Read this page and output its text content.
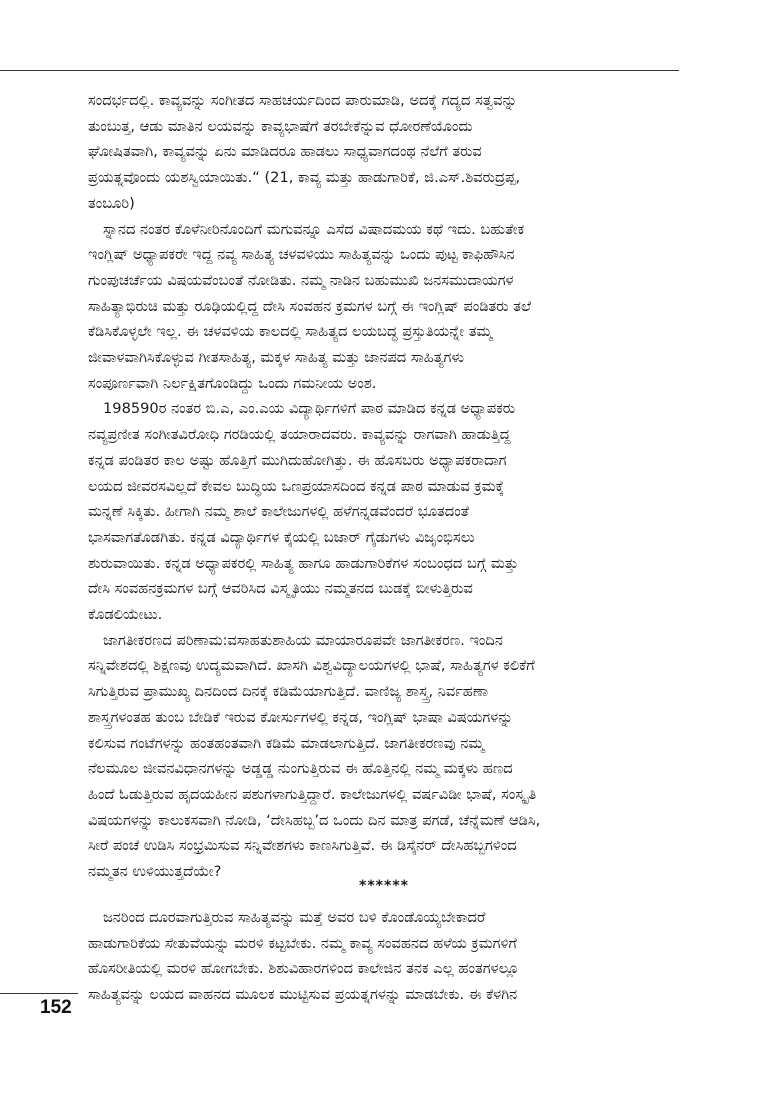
ಸಂದರ್ಭದಲ್ಲಿ. ಕಾವ್ಯವನ್ನು ಸಂಗೀತದ ಸಾಹಚರ್ಯದಿಂದ ಪಾರುಮಾಡಿ, ಅದಕ್ಕೆ ಗದ್ಯದ ಸತ್ವವನ್ನು
ತುಂಬುತ್ತ, ಆಡು ಮಾತಿನ ಲಯವನ್ನು ಕಾವ್ಯಭಾಷೆಗೆ ತರಬೇಕೆನ್ನುವ ಧೋರಣೆಯೊಂದು
ಘೋಷಿತವಾಗಿ, ಕಾವ್ಯವನ್ನು ಏನು ಮಾಡಿದರೂ ಹಾಡಲು ಸಾಧ್ಯವಾಗದಂಥ ನೆಲೆಗೆ ತರುವ
ಪ್ರಯತ್ನವೊಂದು ಯಶಸ್ವಿಯಾಯಿತು.“ (21, ಕಾವ್ಯ ಮತ್ತು ಹಾಡುಗಾರಿಕೆ, ಜಿ.ಎಸ್.ಶಿವರುದ್ರಪ್ಪ,
ತಂಬೂರಿ)

ಸ್ನಾನದ ನಂತರ ಕೊಳೆನೀರಿನೊಂದಿಗೆ ಮಗುವನ್ನೂ ಎಸೆದ ವಿಷಾದಮಯ ಕಥೆ ಇದು. ಬಹುತೇಕ
ಇಂಗ್ಲಿಷ್ ಅಧ್ಯಾಪಕರೇ ಇದ್ದ ನವ್ಯ ಸಾಹಿತ್ಯ ಚಳವಳಿಯು ಸಾಹಿತ್ಯವನ್ನು ಒಂದು ಪುಟ್ಟ ಕಾಫಿಹೌಸಿನ
ಗುಂಪುಚರ್ಚೆಯ ವಿಷಯವೆಂಬಂತೆ ನೋಡಿತು. ನಮ್ಮ ನಾಡಿನ ಬಹುಮುಖಿ ಜನಸಮುದಾಯಗಳ
ಸಾಹಿತ್ಯಾಭಿರುಚಿ ಮತ್ತು ರೂಢಿಯಲ್ಲಿದ್ದ ದೇಸಿ ಸಂವಹನ ಕ್ರಮಗಳ ಬಗ್ಗೆ ಈ ಇಂಗ್ಲಿಷ್ ಪಂಡಿತರು ತಲೆ
ಕೆಡಿಸಿಕೊಳ್ಳಲೇ ಇಲ್ಲ. ಈ ಚಳವಳಿಯ ಕಾಲದಲ್ಲಿ ಸಾಹಿತ್ಯದ ಲಯಬದ್ಧ ಪ್ರಸ್ತುತಿಯನ್ನೇ ತಮ್ಮ
ಜೀವಾಳವಾಗಿಸಿಕೊಳ್ಳುವ ಗೀತಸಾಹಿತ್ಯ, ಮಕ್ಕಳ ಸಾಹಿತ್ಯ ಮತ್ತು ಜಾನಪದ ಸಾಹಿತ್ಯಗಳು
ಸಂಪೂರ್ಣವಾಗಿ ನಿರ್ಲಕ್ಷಿತಗೊಂಡಿದ್ದು ಒಂದು ಗಮನೀಯ ಅಂಶ.

198590ರ ನಂತರ ಬಿ.ಎ, ಎಂ.ಎಯ ವಿದ್ಯಾರ್ಥಿಗಳಿಗೆ ಪಾಠ ಮಾಡಿದ ಕನ್ನಡ ಅಧ್ಯಾಪಕರು
ನವ್ಯಪ್ರಣೀತ ಸಂಗೀತವಿರೋಧಿ ಗರಡಿಯಲ್ಲಿ ತಯಾರಾದವರು. ಕಾವ್ಯವನ್ನು ರಾಗವಾಗಿ ಹಾಡುತ್ತಿದ್ದ
ಕನ್ನಡ ಪಂಡಿತರ ಕಾಲ ಅಷ್ಟು ಹೊತ್ತಿಗೆ ಮುಗಿದುಹೋಗಿತ್ತು. ಈ ಹೊಸಬರು ಅಧ್ಯಾಪಕರಾದಾಗ
ಲಯದ ಜೀವರಸವಿಲ್ಲದೆ ಕೇವಲ ಬುದ್ಧಿಯ ಒಣಪ್ರಯಾಸದಿಂದ ಕನ್ನಡ ಪಾಠ ಮಾಡುವ ಕ್ರಮಕ್ಕೆ
ಮನ್ನಣೆ ಸಿಕ್ಕಿತು. ಹೀಗಾಗಿ ನಮ್ಮ ಶಾಲೆ ಕಾಲೇಜುಗಳಲ್ಲಿ ಹಳೆಗನ್ನಡವೆಂದರೆ ಭೂತದಂತೆ
ಭಾಸವಾಗತೊಡಗಿತು. ಕನ್ನಡ ವಿದ್ಯಾರ್ಥಿಗಳ ಕೈಯಲ್ಲಿ ಬಜಾರ್ ಗೈಡುಗಳು ವಿಜೃಂಭಿಸಲು
ಶುರುವಾಯಿತು. ಕನ್ನಡ ಅಧ್ಯಾಪಕರಲ್ಲಿ ಸಾಹಿತ್ಯ ಹಾಗೂ ಹಾಡುಗಾರಿಕೆಗಳ ಸಂಬಂಧದ ಬಗ್ಗೆ ಮತ್ತು
ದೇಸಿ ಸಂವಹನಕ್ರಮಗಳ ಬಗ್ಗೆ ಆವರಿಸಿದ ವಿಸ್ಮೃತಿಯು ನಮ್ಮತನದ ಬುಡಕ್ಕೆ ಬೀಳುತ್ತಿರುವ
ಕೊಡಲಿಯೇಟು.

ಜಾಗತೀಕರಣದ ಪರಿಣಾಮ:ವಸಾಹತುಶಾಹಿಯ ಮಾಯಾರೂಪವೇ ಜಾಗತೀಕರಣ. ಇಂದಿನ
ಸನ್ನಿವೇಶದಲ್ಲಿ ಶಿಕ್ಷಣವು ಉದ್ಯಮವಾಗಿದೆ. ಖಾಸಗಿ ವಿಶ್ವವಿದ್ಯಾಲಯಗಳಲ್ಲಿ ಭಾಷೆ, ಸಾಹಿತ್ಯಗಳ ಕಲಿಕೆಗೆ
ಸಿಗುತ್ತಿರುವ ಪ್ರಾಮುಖ್ಯ ದಿನದಿಂದ ದಿನಕ್ಕೆ ಕಡಿಮೆಯಾಗುತ್ತಿದೆ. ವಾಣಿಜ್ಯ ಶಾಸ್ತ್ರ, ನಿರ್ವಹಣಾ
ಶಾಸ್ತ್ರಗಳಂತಹ ತುಂಬ ಬೇಡಿಕೆ ಇರುವ ಕೋರ್ಸುಗಳಲ್ಲಿ ಕನ್ನಡ, ಇಂಗ್ಲಿಷ್ ಭಾಷಾ ವಿಷಯಗಳನ್ನು
ಕಲಿಸುವ ಗಂಟೆಗಳನ್ನು ಹಂತಹಂತವಾಗಿ ಕಡಿಮೆ ಮಾಡಲಾಗುತ್ತಿದೆ. ಜಾಗತೀಕರಣವು ನಮ್ಮ
ನೆಲಮೂಲ ಜೀವನವಿಧಾನಗಳನ್ನು ಅಡ್ಡಡ್ಡ ನುಂಗುತ್ತಿರುವ ಈ ಹೊತ್ತಿನಲ್ಲಿ ನಮ್ಮ ಮಕ್ಕಳು ಹಣದ
ಹಿಂದೆ ಓಡುತ್ತಿರುವ ಹೃದಯಹೀನ ಪಶುಗಳಾಗುತ್ತಿದ್ದಾರೆ. ಕಾಲೇಜುಗಳಲ್ಲಿ ವರ್ಷವಿಡೀ ಭಾಷೆ, ಸಂಸ್ಕೃತಿ
ವಿಷಯಗಳನ್ನು ಕಾಲುಕಸವಾಗಿ ನೋಡಿ, ‘ದೇಸಿಹಬ್ಬ’ದ ಒಂದು ದಿನ ಮಾತ್ರ ಪಗಡೆ, ಚೆನ್ನೆಮಣೆ ಆಡಿಸಿ,
ಸೀರೆ ಪಂಚೆ ಉಡಿಸಿ ಸಂಭ್ರಮಿಸುವ ಸನ್ನಿವೇಶಗಳು ಕಾಣಸಿಗುತ್ತಿವೆ. ಈ ಡಿಸೈನರ್ ದೇಸಿಹಬ್ಬಗಳಿಂದ
ನಮ್ಮತನ ಉಳಿಯುತ್ತದೆಯೇ?

******

ಜನರಿಂದ ದೂರವಾಗುತ್ತಿರುವ ಸಾಹಿತ್ಯವನ್ನು ಮತ್ತೆ ಅವರ ಬಳಿ ಕೊಂಡೊಯ್ಯಬೇಕಾದರೆ
ಹಾಡುಗಾರಿಕೆಯ ಸೇತುವೆಯನ್ನು ಮರಳಿ ಕಟ್ಟಬೇಕು. ನಮ್ಮ ಕಾವ್ಯ ಸಂವಹನದ ಹಳೆಯ ಕ್ರಮಗಳಿಗೆ
ಹೊಸರೀತಿಯಲ್ಲಿ ಮರಳಿ ಹೋಗಬೇಕು. ಶಿಶುವಿಹಾರಗಳಿಂದ ಕಾಲೇಜಿನ ತನಕ ಎಲ್ಲ ಹಂತಗಳಲ್ಲೂ
ಸಾಹಿತ್ಯವನ್ನು ಲಯದ ವಾಹನದ ಮೂಲಕ ಮುಟ್ಟಿಸುವ ಪ್ರಯತ್ನಗಳನ್ನು ಮಾಡಬೇಕು. ಈ ಕೆಳಗಿನ

152
